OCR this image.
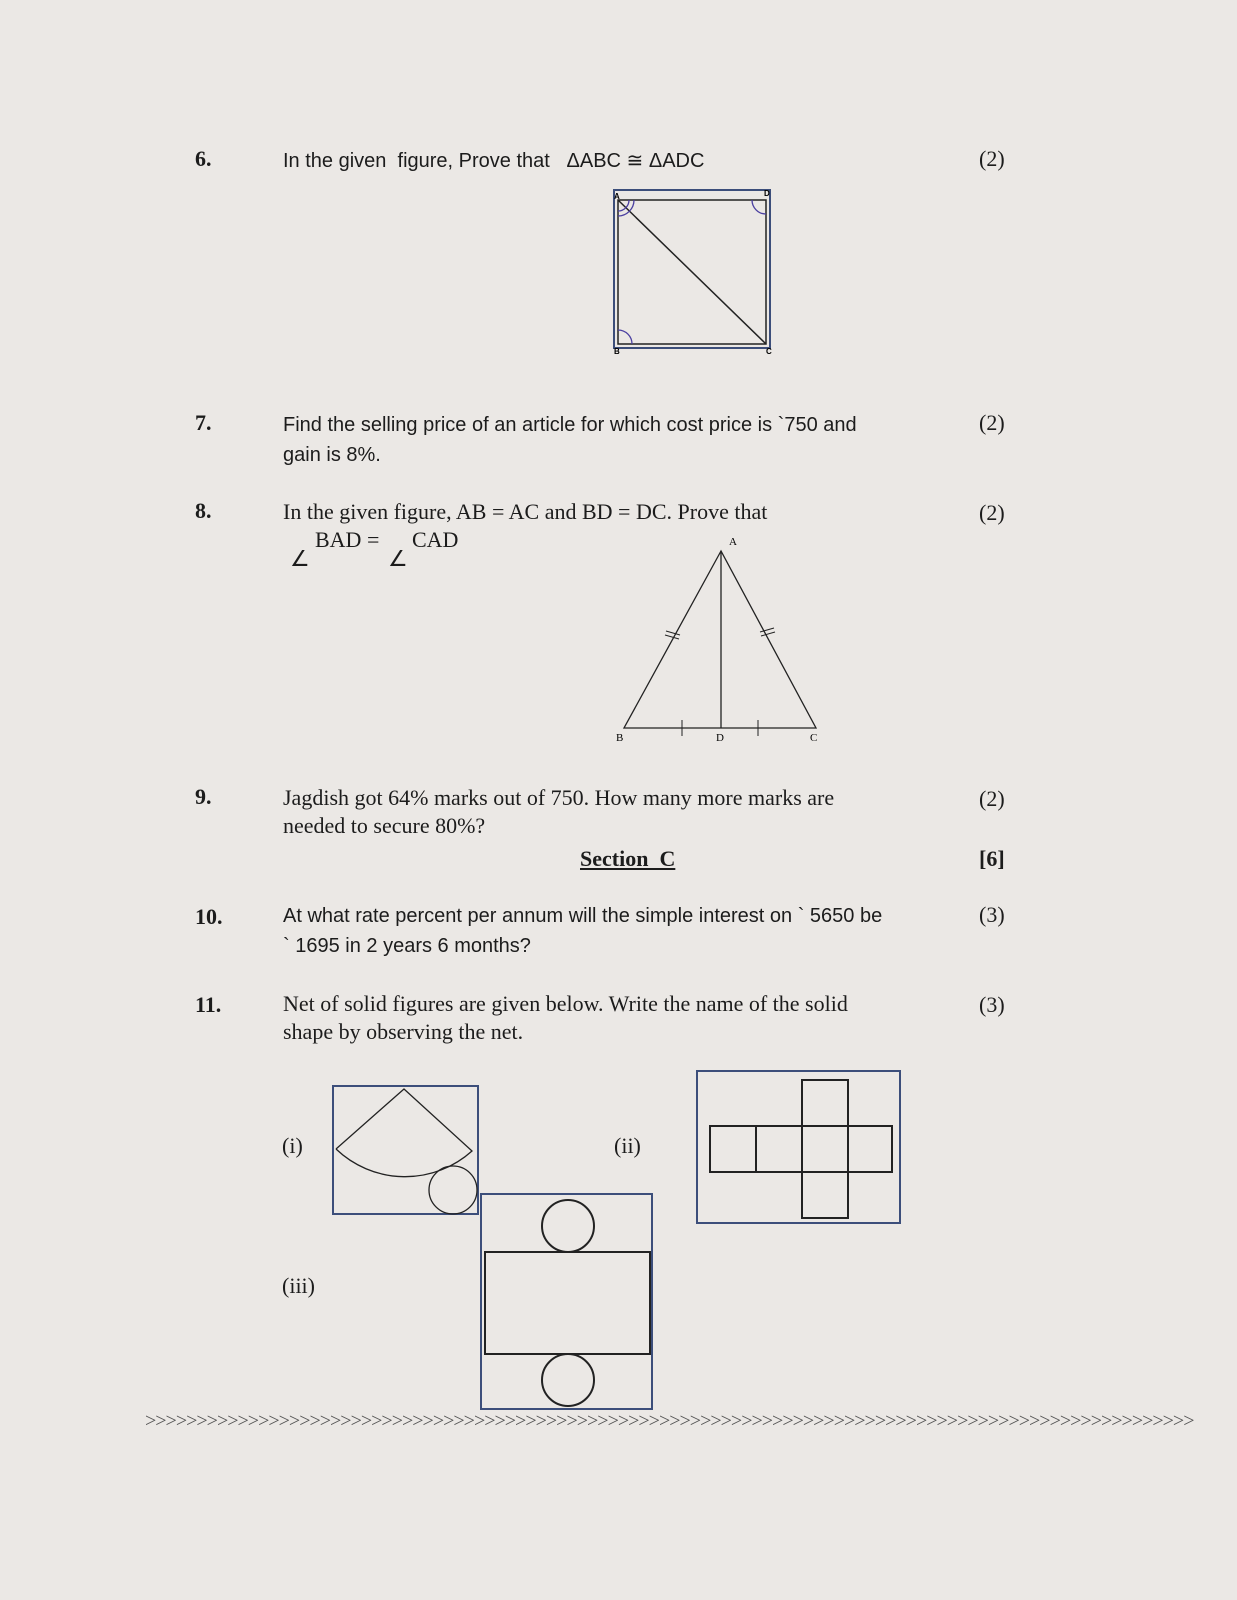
6.	In the given  figure, Prove that   ΔABC ≅ ΔADC	(2)
A	D
B	C
7.	Find the selling price of an article for which cost price is `750 and
gain is 8%.
(2)
8.	In the given figure, AB = AC and BD = DC. Prove that
BAD = CAD
∠	∠
(2)
A
B	D	C
9.	Jagdish got 64% marks out of 750. How many more marks are
needed to secure 80%?
(2)
Section  C	[6]
10.	At what rate percent per annum will the simple interest on ` 5650 be
` 1695 in 2 years 6 months?
(3)
11.	Net of solid figures are given below. Write the name of the solid
shape by observing the net.
(3)
(i)	(ii)
(iii)
>>>>>>>>>>>>>>>>>>>>>>>>>>>>>>>>>>>>>>>>>>>>>>>>>>>>>>>>>>>>>>>>>>>>>>>>>>>>>>>>>>>>>>>>>>>>>>>>>>>>>>
